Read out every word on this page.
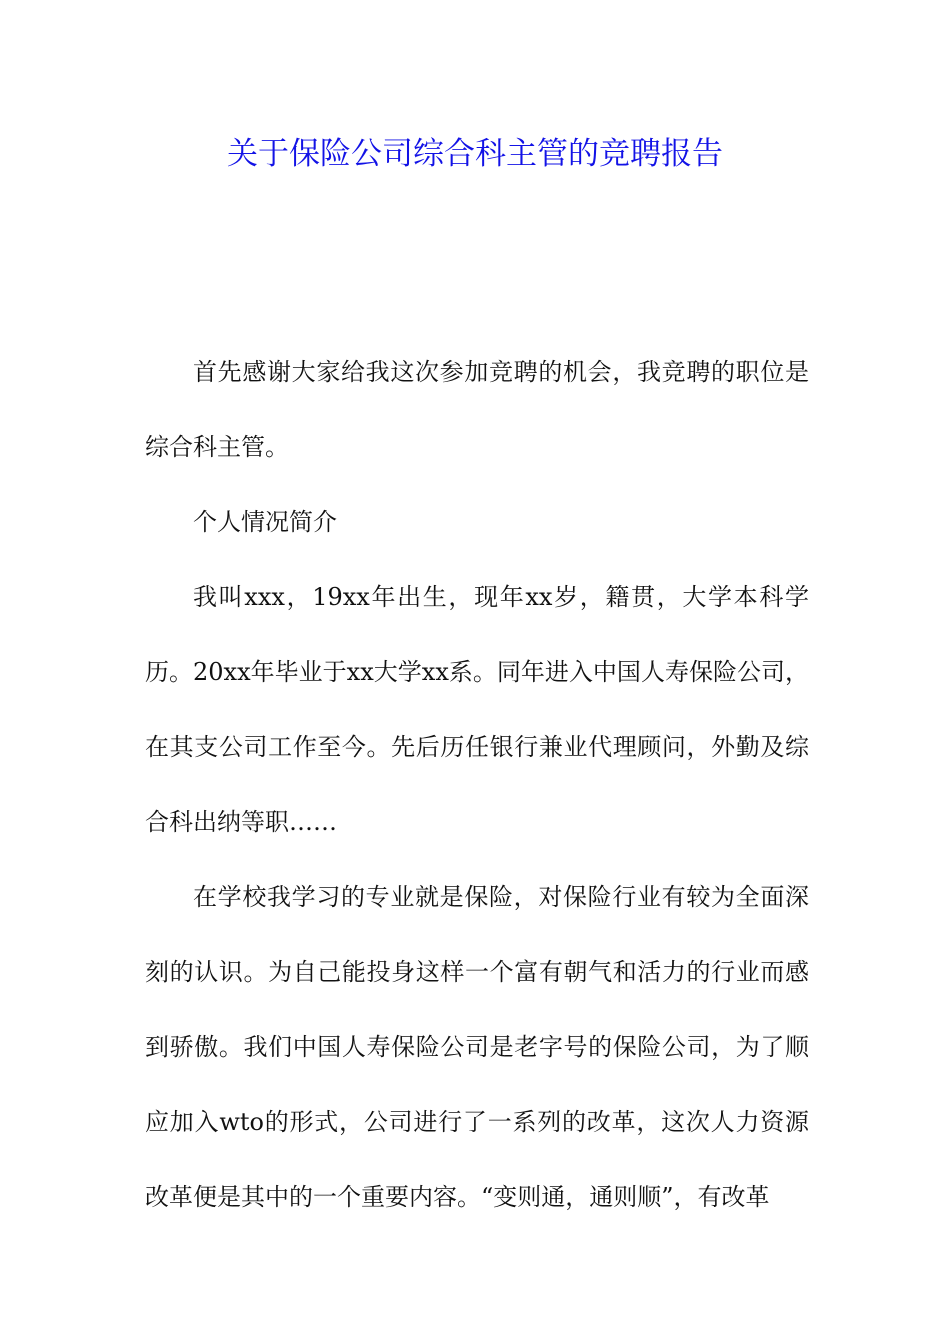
关于保险公司综合科主管的竞聘报告

首先感谢大家给我这次参加竞聘的机会，我竞聘的职位是综合科主管。

个人情况简介

我叫xxx，19xx年出生，现年xx岁，籍贯，大学本科学历。20xx年毕业于xx大学xx系。同年进入中国人寿保险公司，在其支公司工作至今。先后历任银行兼业代理顾问，外勤及综合科出纳等职……

在学校我学习的专业就是保险，对保险行业有较为全面深刻的认识。为自己能投身这样一个富有朝气和活力的行业而感到骄傲。我们中国人寿保险公司是老字号的保险公司，为了顺应加入wto的形式，公司进行了一系列的改革，这次人力资源改革便是其中的一个重要内容。“变则通，通则顺”，有改革
